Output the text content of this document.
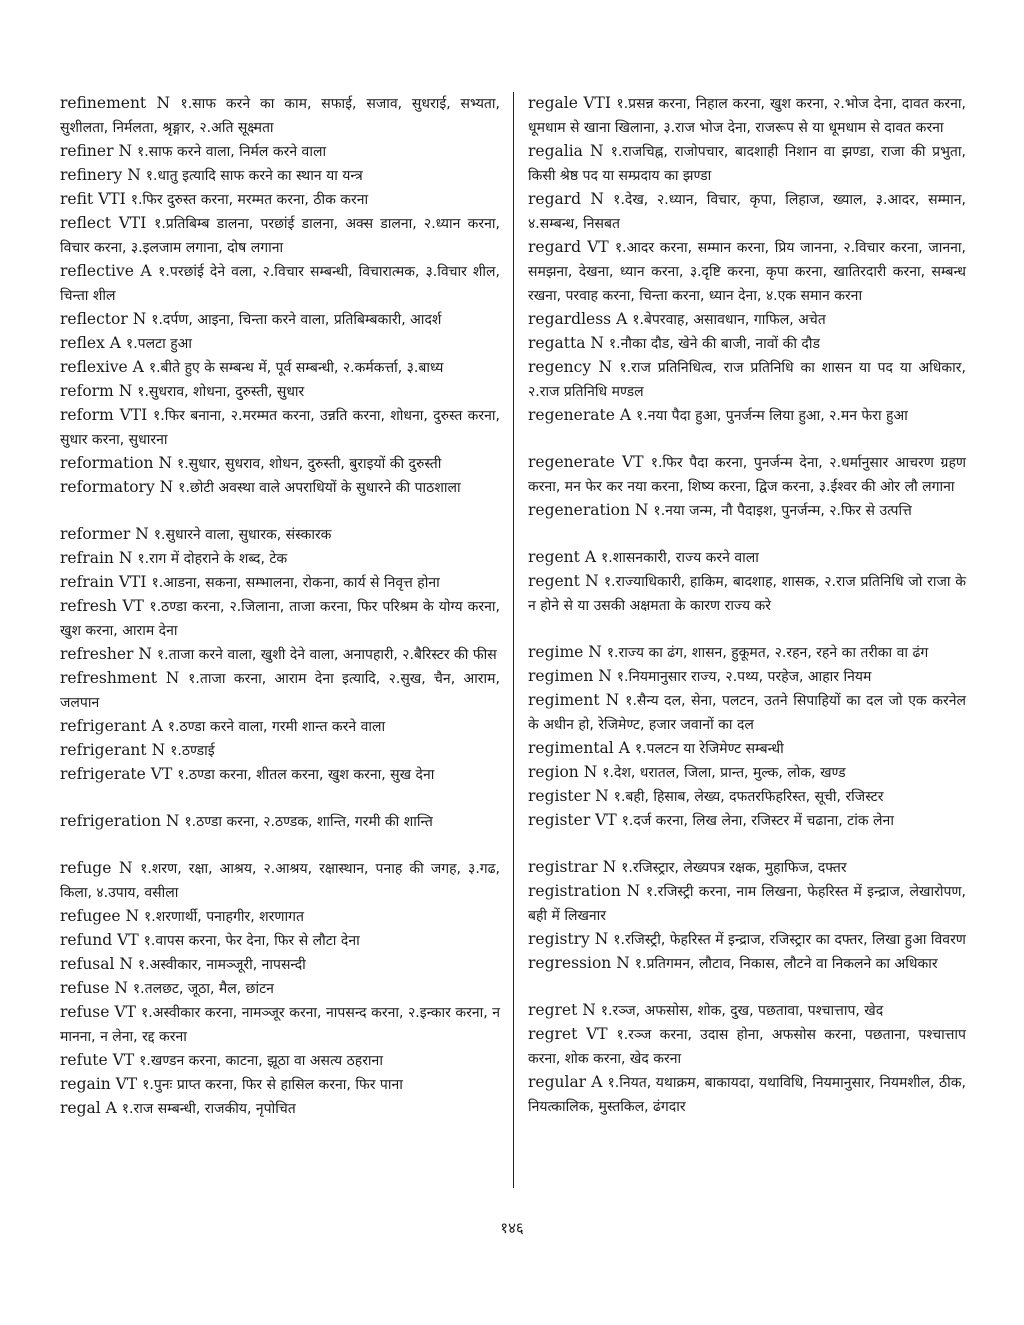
refinement N १.साफ करने का काम, सफाई, सजाव, सुधराई, सभ्यता, सुशीलता, निर्मलता, श्रृङ्गार, २.अति सूक्ष्मता

refiner N १.साफ करने वाला, निर्मल करने वाला

refinery N १.धातु इत्यादि साफ करने का स्थान या यन्त्र

refit VTI १.फिर दुरुस्त करना, मरम्मत करना, ठीक करना

reflect VTI १.प्रतिबिम्ब डालना, परछांई डालना, अक्स डालना, २.ध्यान करना, विचार करना, ३.इलजाम लगाना, दोष लगाना

reflective A १.परछांई देने वला, २.विचार सम्बन्धी, विचारात्मक, ३.विचार शील, चिन्ता शील

reflector N १.दर्पण, आइना, चिन्ता करने वाला, प्रतिबिम्बकारी, आदर्श

reflex A १.पलटा हुआ

reflexive A १.बीते हुए के सम्बन्ध में, पूर्व सम्बन्धी, २.कर्मकर्त्ता, ३.बाध्य

reform N १.सुधराव, शोधना, दुरुस्ती, सुधार

reform VTI १.फिर बनाना, २.मरम्मत करना, उन्नति करना, शोधना, दुरुस्त करना, सुधार करना, सुधारना

reformation N १.सुधार, सुधराव, शोधन, दुरुस्ती, बुराइयों की दुरुस्ती

reformatory N १.छोटी अवस्था वाले अपराधियों के सुधारने की पाठशाला

reformer N १.सुधारने वाला, सुधारक, संस्कारक

refrain N १.राग में दोहराने के शब्द, टेक

refrain VTI १.आडना, सकना, सम्भालना, रोकना, कार्य से निवृत्त होना

refresh VT १.ठण्डा करना, २.जिलाना, ताजा करना, फिर परिश्रम के योग्य करना, खुश करना, आराम देना

refresher N १.ताजा करने वाला, खुशी देने वाला, अनापहारी, २.बैरिस्टर की फीस

refreshment N १.ताजा करना, आराम देना इत्यादि, २.सुख, चैन, आराम, जलपान

refrigerant A १.ठण्डा करने वाला, गरमी शान्त करने वाला

refrigerant N १.ठण्डाई

refrigerate VT १.ठण्डा करना, शीतल करना, खुश करना, सुख देना

refrigeration N १.ठण्डा करना, २.ठण्डक, शान्ति, गरमी की शान्ति

refuge N १.शरण, रक्षा, आश्रय, २.आश्रय, रक्षास्थान, पनाह की जगह, ३.गढ, किला, ४.उपाय, वसीला

refugee N १.शरणार्थी, पनाहगीर, शरणागत

refund VT १.वापस करना, फेर देना, फिर से लौटा देना

refusal N १.अस्वीकार, नामञ्जूरी, नापसन्दी

refuse N १.तलछट, जूठा, मैल, छांटन

refuse VT १.अस्वीकार करना, नामञ्जूर करना, नापसन्द करना, २.इन्कार करना, न मानना, न लेना, रद्द करना

refute VT १.खण्डन करना, काटना, झूठा वा असत्य ठहराना

regain VT १.पुनः प्राप्त करना, फिर से हासिल करना, फिर पाना

regal A १.राज सम्बन्धी, राजकीय, नृपोचित

regale VTI १.प्रसन्न करना, निहाल करना, खुश करना, २.भोज देना, दावत करना, धूमधाम से खाना खिलाना, ३.राज भोज देना, राजरूप से या धूमधाम से दावत करना

regalia N १.राजचिह्न, राजोपचार, बादशाही निशान वा झण्डा, राजा की प्रभुता, किसी श्रेष्ठ पद या सम्प्रदाय का झण्डा

regard N १.देख, २.ध्यान, विचार, कृपा, लिहाज, ख्याल, ३.आदर, सम्मान, ४.सम्बन्ध, निसबत

regard VT १.आदर करना, सम्मान करना, प्रिय जानना, २.विचार करना, जानना, समझना, देखना, ध्यान करना, ३.दृष्टि करना, कृपा करना, खातिरदारी करना, सम्बन्ध रखना, परवाह करना, चिन्ता करना, ध्यान देना, ४.एक समान करना

regardless A १.बेपरवाह, असावधान, गाफिल, अचेत

regatta N १.नौका दौड, खेने की बाजी, नावों की दौड

regency N १.राज प्रतिनिधित्व, राज प्रतिनिधि का शासन या पद या अधिकार, २.राज प्रतिनिधि मण्डल

regenerate A १.नया पैदा हुआ, पुनर्जन्म लिया हुआ, २.मन फेरा हुआ

regenerate VT १.फिर पैदा करना, पुनर्जन्म देना, २.धर्मानुसार आचरण ग्रहण करना, मन फेर कर नया करना, शिष्य करना, द्विज करना, ३.ईश्वर की ओर लौ लगाना

regeneration N १.नया जन्म, नौ पैदाइश, पुनर्जन्म, २.फिर से उत्पत्ति

regent A १.शासनकारी, राज्य करने वाला

regent N १.राज्याधिकारी, हाकिम, बादशाह, शासक, २.राज प्रतिनिधि जो राजा के न होने से या उसकी अक्षमता के कारण राज्य करे

regime N १.राज्य का ढंग, शासन, हुकूमत, २.रहन, रहने का तरीका वा ढंग

regimen N १.नियमानुसार राज्य, २.पथ्य, परहेज, आहार नियम

regiment N १.सैन्य दल, सेना, पलटन, उतने सिपाहियों का दल जो एक करनेल के अधीन हो, रेजिमेण्ट, हजार जवानों का दल

regimental A १.पलटन या रेजिमेण्ट सम्बन्धी

region N १.देश, धरातल, जिला, प्रान्त, मुल्क, लोक, खण्ड

register N १.बही, हिसाब, लेख्य, दफतरफिहरिस्त, सूची, रजिस्टर

register VT १.दर्ज करना, लिख लेना, रजिस्टर में चढाना, टांक लेना

registrar N १.रजिस्ट्रार, लेख्यपत्र रक्षक, मुहाफिज, दफ्तर

registration N १.रजिस्ट्री करना, नाम लिखना, फेहरिस्त में इन्द्राज, लेखारोपण, बही में लिखनार

registry N १.रजिस्ट्री, फेहरिस्त में इन्द्राज, रजिस्ट्रार का दफ्तर, लिखा हुआ विवरण

regression N १.प्रतिगमन, लौटाव, निकास, लौटने वा निकलने का अधिकार

regret N १.रञ्ज, अफसोस, शोक, दुख, पछतावा, पश्चात्ताप, खेद

regret VT १.रञ्ज करना, उदास होना, अफसोस करना, पछताना, पश्चात्ताप करना, शोक करना, खेद करना

regular A १.नियत, यथाक्रम, बाकायदा, यथाविधि, नियमानुसार, नियमशील, ठीक, नियत्कालिक, मुस्तकिल, ढंगदार

१४६
